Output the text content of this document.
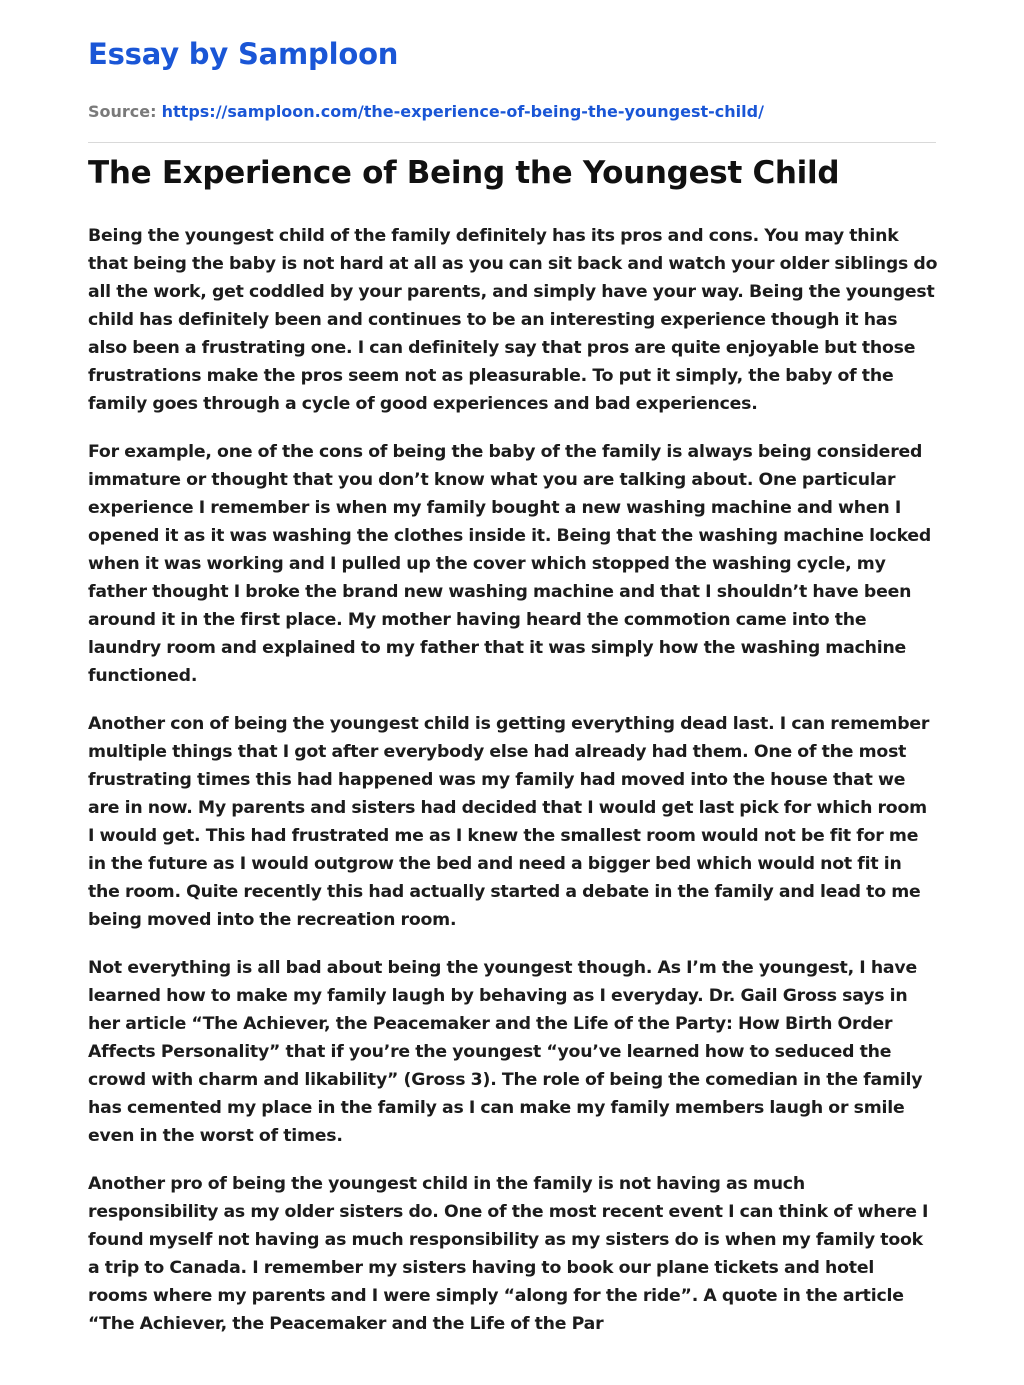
Essay by Samploon
Source: https://samploon.com/the-experience-of-being-the-youngest-child/
The Experience of Being the Youngest Child

Being the youngest child of the family definitely has its pros and cons. You may think that being the baby is not hard at all as you can sit back and watch your older siblings do all the work, get coddled by your parents, and simply have your way. Being the youngest child has definitely been and continues to be an interesting experience though it has also been a frustrating one. I can definitely say that pros are quite enjoyable but those frustrations make the pros seem not as pleasurable. To put it simply, the baby of the family goes through a cycle of good experiences and bad experiences.

For example, one of the cons of being the baby of the family is always being considered immature or thought that you don’t know what you are talking about. One particular experience I remember is when my family bought a new washing machine and when I opened it as it was washing the clothes inside it. Being that the washing machine locked when it was working and I pulled up the cover which stopped the washing cycle, my father thought I broke the brand new washing machine and that I shouldn’t have been around it in the first place. My mother having heard the commotion came into the laundry room and explained to my father that it was simply how the washing machine functioned.

Another con of being the youngest child is getting everything dead last. I can remember multiple things that I got after everybody else had already had them. One of the most frustrating times this had happened was my family had moved into the house that we are in now. My parents and sisters had decided that I would get last pick for which room I would get. This had frustrated me as I knew the smallest room would not be fit for me in the future as I would outgrow the bed and need a bigger bed which would not fit in the room. Quite recently this had actually started a debate in the family and lead to me being moved into the recreation room.

Not everything is all bad about being the youngest though. As I’m the youngest, I have learned how to make my family laugh by behaving as I everyday. Dr. Gail Gross says in her article “The Achiever, the Peacemaker and the Life of the Party: How Birth Order Affects Personality” that if you’re the youngest “you’ve learned how to seduced the crowd with charm and likability” (Gross 3). The role of being the comedian in the family has cemented my place in the family as I can make my family members laugh or smile even in the worst of times.

Another pro of being the youngest child in the family is not having as much responsibility as my older sisters do. One of the most recent event I can think of where I found myself not having as much responsibility as my sisters do is when my family took a trip to Canada. I remember my sisters having to book our plane tickets and hotel rooms where my parents and I were simply “along for the ride”. A quote in the article “The Achiever, the Peacemaker and the Life of the Par
